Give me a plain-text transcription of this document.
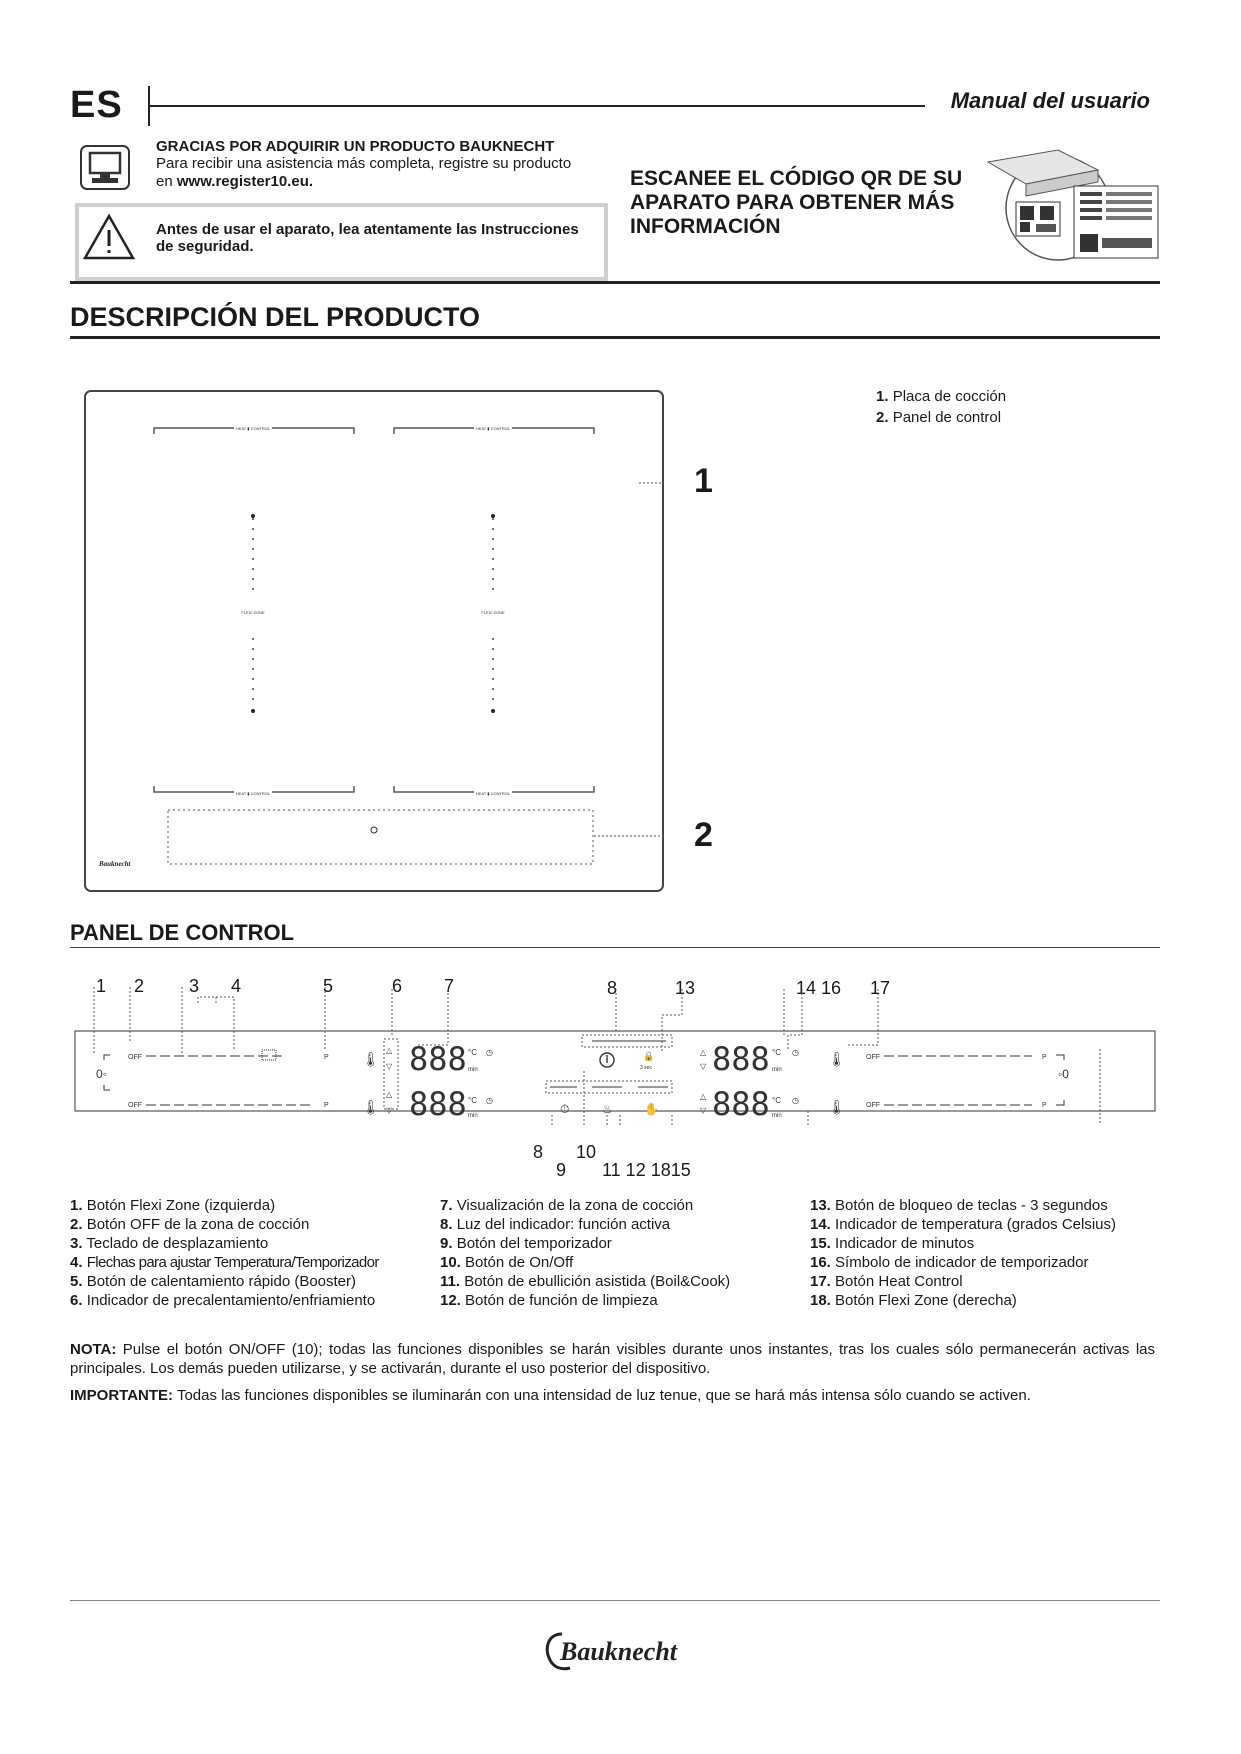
ES	Manual del usuario
GRACIAS POR ADQUIRIR UN PRODUCTO BAUKNECHT
Para recibir una asistencia más completa, registre su producto
en www.register10.eu.
Antes de usar el aparato, lea atentamente las Instrucciones de seguridad.
ESCANEE EL CÓDIGO QR DE SU APARATO PARA OBTENER MÁS INFORMACIÓN
DESCRIPCIÓN DEL PRODUCTO
1. Placa de cocción
2. Panel de control
HEAT ▮ CONTROL	HEAT ▮ CONTROL
FLEXI ZONE	FLEXI ZONE
HEAT ▮ CONTROL	HEAT ▮ CONTROL
Bauknecht
1
2
PANEL DE CONTROL
1 2 3 4	5	6 7	8	13	14 16 17
0◦
OFF	P
OFF	P
🌡
🌡
△
▽
△
▽
888
888
°C
min
°C
min
◷
◷
🔒
3 sec
⏱	♨	✋
△
▽
△
▽
888
888
°C
min
°C
min
◷
◷
🌡
🌡
OFF	P
OFF	P
◦0
8 10
9 11 12 1815
1. Botón Flexi Zone (izquierda)
2. Botón OFF de la zona de cocción
3. Teclado de desplazamiento
4. Flechas para ajustar Temperatura/Temporizador
5. Botón de calentamiento rápido (Booster)
6. Indicador de precalentamiento/enfriamiento
7. Visualización de la zona de cocción
8. Luz del indicador: función activa
9. Botón del temporizador
10. Botón de On/Off
11. Botón de ebullición asistida (Boil&Cook)
12. Botón de función de limpieza
13. Botón de bloqueo de teclas - 3 segundos
14. Indicador de temperatura (grados Celsius)
15. Indicador de minutos
16. Símbolo de indicador de temporizador
17. Botón Heat Control
18. Botón Flexi Zone (derecha)
NOTA: Pulse el botón ON/OFF (10); todas las funciones disponibles se harán visibles durante unos instantes, tras los cuales sólo permanecerán activas las principales. Los demás pueden utilizarse, y se activarán, durante el uso posterior del dispositivo.
IMPORTANTE: Todas las funciones disponibles se iluminarán con una intensidad de luz tenue, que se hará más intensa sólo cuando se activen.
Bauknecht
